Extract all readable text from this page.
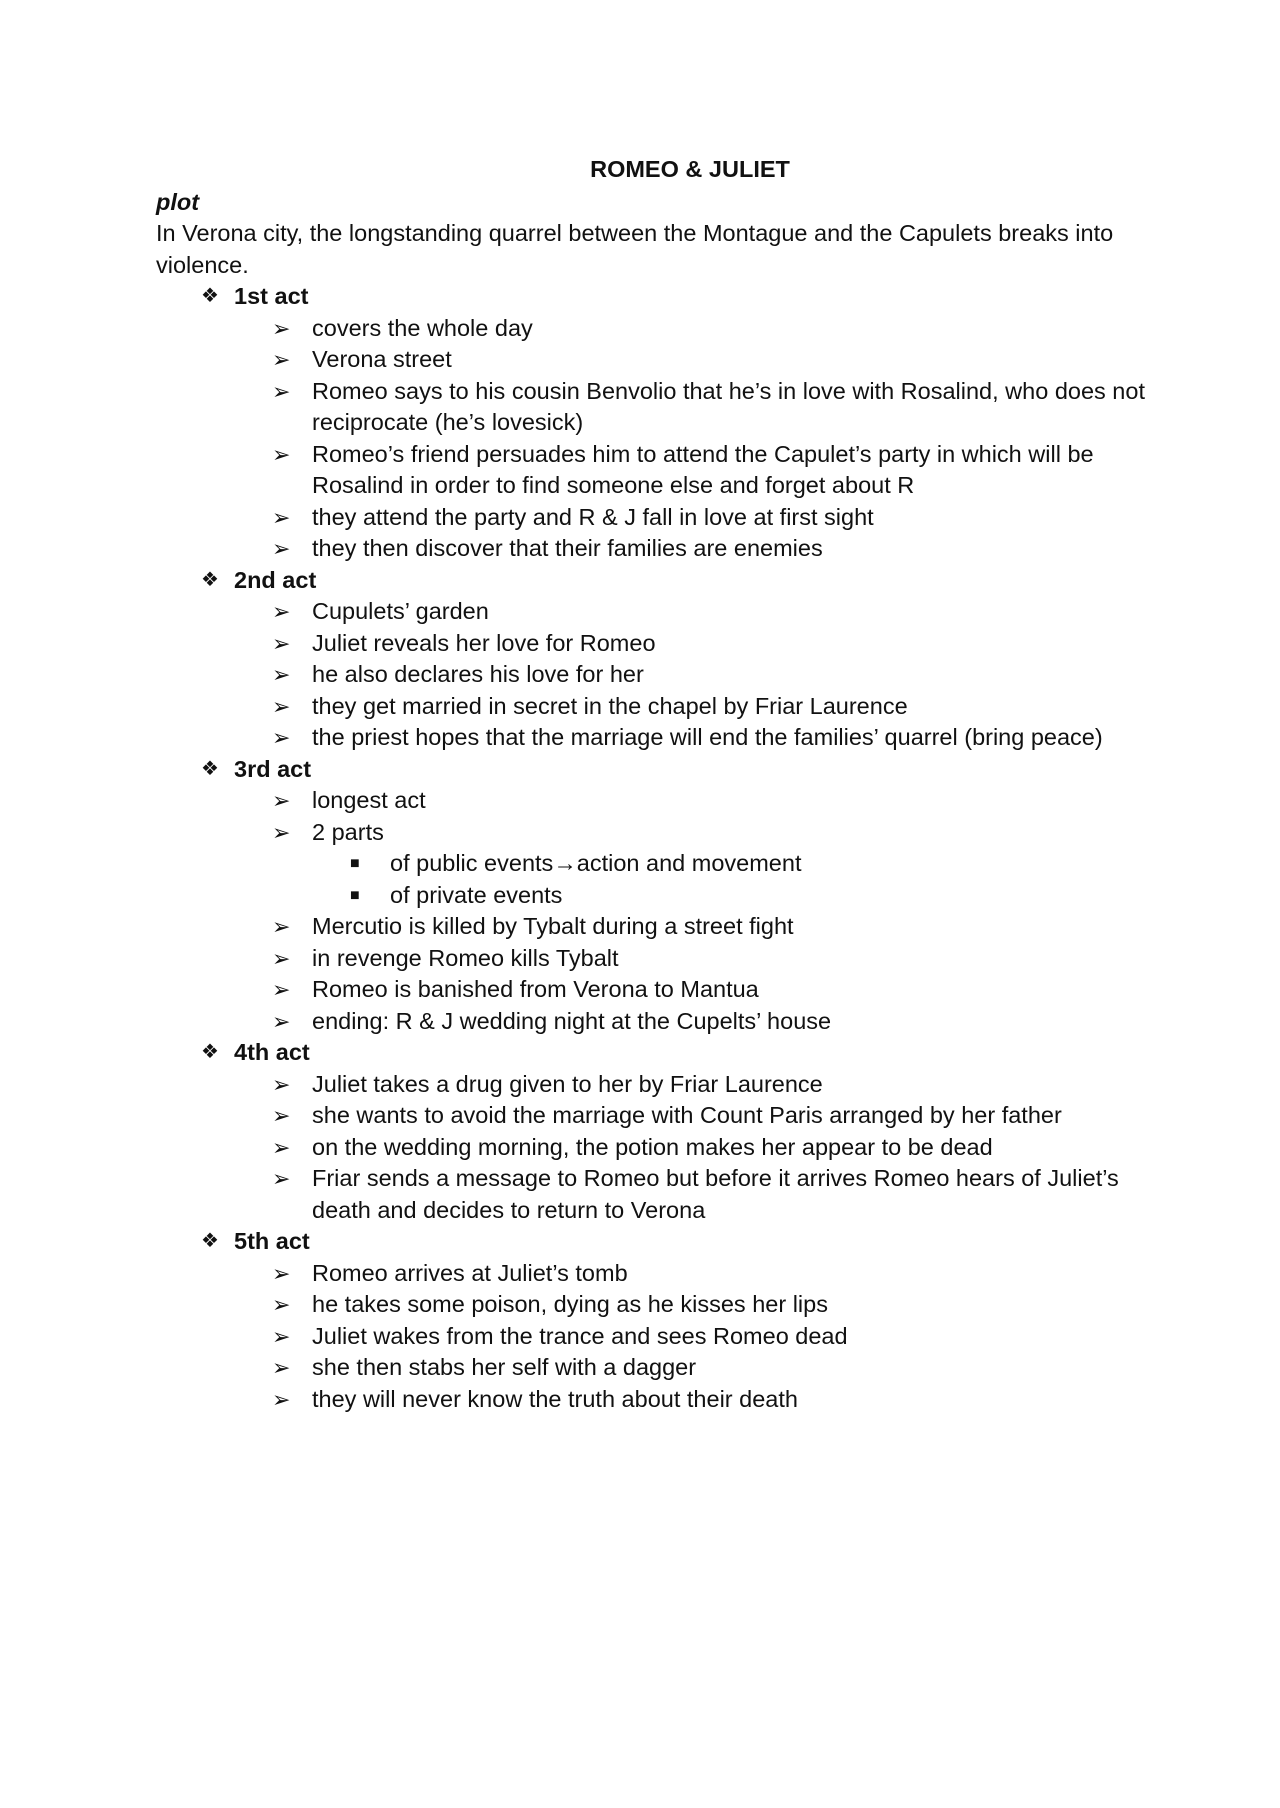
ROMEO & JULIET
plot

In Verona city, the longstanding quarrel between the Montague and the Capulets breaks into violence.

❖ 1st act
➢ covers the whole day
➢ Verona street
➢ Romeo says to his cousin Benvolio that he’s in love with Rosalind, who does not reciprocate (he’s lovesick)
➢ Romeo’s friend persuades him to attend the Capulet’s party in which will be Rosalind in order to find someone else and forget about R
➢ they attend the party and R & J fall in love at first sight
➢ they then discover that their families are enemies
❖ 2nd act
➢ Cupulets’ garden
➢ Juliet reveals her love for Romeo
➢ he also declares his love for her
➢ they get married in secret in the chapel by Friar Laurence
➢ the priest hopes that the marriage will end the families’ quarrel (bring peace)
❖ 3rd act
➢ longest act
➢ 2 parts
■ of public events→action and movement
■ of private events
➢ Mercutio is killed by Tybalt during a street fight
➢ in revenge Romeo kills Tybalt
➢ Romeo is banished from Verona to Mantua
➢ ending: R & J wedding night at the Cupelts’ house
❖ 4th act
➢ Juliet takes a drug given to her by Friar Laurence
➢ she wants to avoid the marriage with Count Paris arranged by her father
➢ on the wedding morning, the potion makes her appear to be dead
➢ Friar sends a message to Romeo but before it arrives Romeo hears of Juliet’s death and decides to return to Verona
❖ 5th act
➢ Romeo arrives at Juliet’s tomb
➢ he takes some poison, dying as he kisses her lips
➢ Juliet wakes from the trance and sees Romeo dead
➢ she then stabs her self with a dagger
➢ they will never know the truth about their death
